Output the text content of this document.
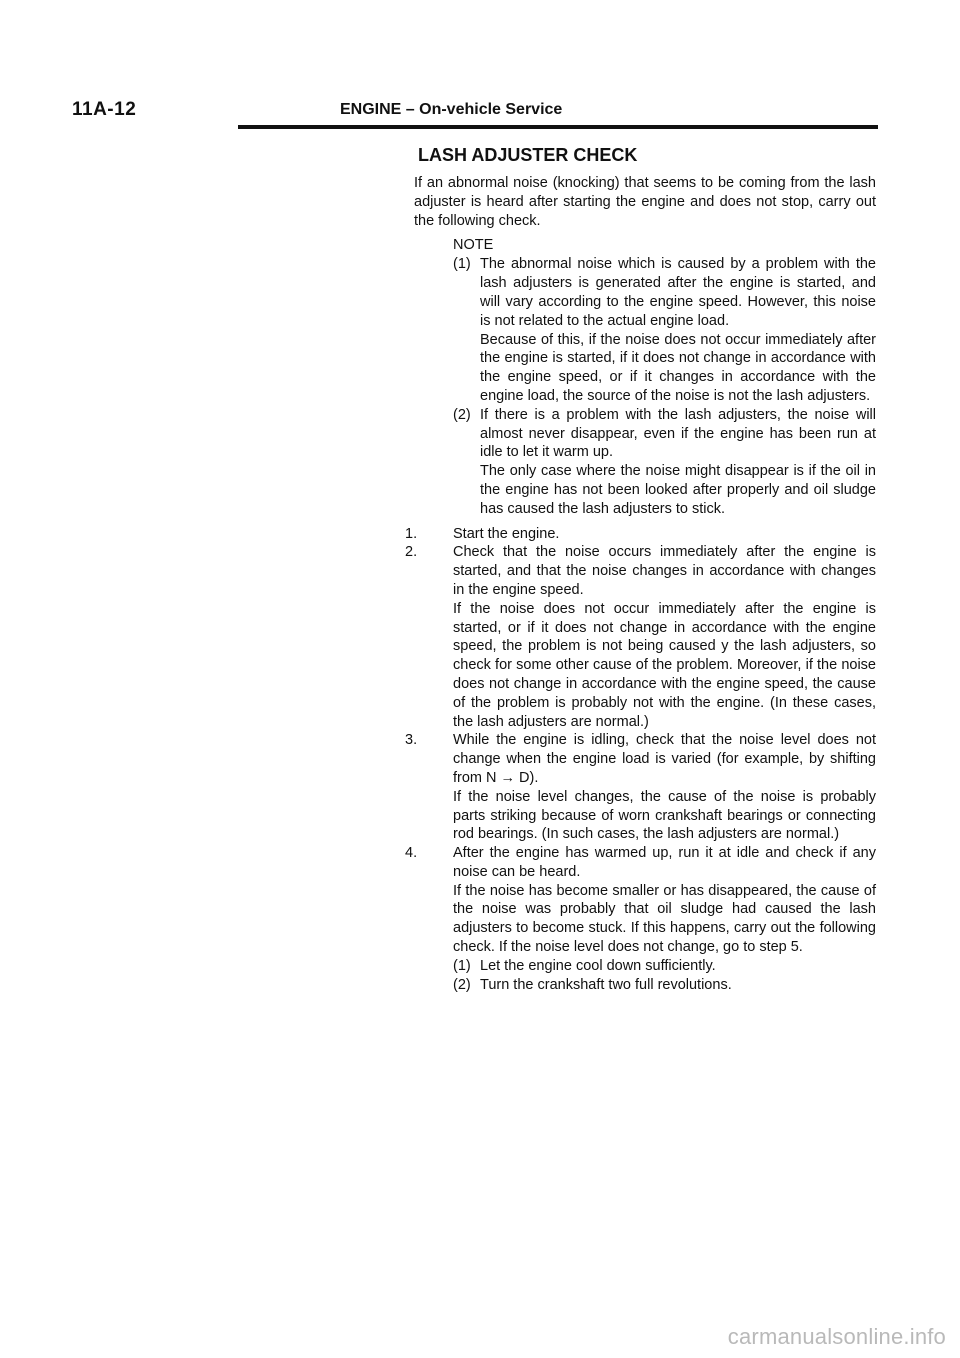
11A-12	ENGINE – On-vehicle Service
LASH ADJUSTER CHECK

If an abnormal noise (knocking) that seems to be coming from the lash adjuster is heard after starting the engine and does not stop, carry out the following check.

NOTE
(1) The abnormal noise which is caused by a problem with the lash adjusters is generated after the engine is started, and will vary according to the engine speed. However, this noise is not related to the actual engine load.

Because of this, if the noise does not occur immediately after the engine is started, if it does not change in accordance with the engine speed, or if it changes in accordance with the engine load, the source of the noise is not the lash adjusters.

(2) If there is a problem with the lash adjusters, the noise will almost never disappear, even if the engine has been run at idle to let it warm up.

The only case where the noise might disappear is if the oil in the engine has not been looked after properly and oil sludge has caused the lash adjusters to stick.

1.	Start the engine.

2.	Check that the noise occurs immediately after the engine is started, and that the noise changes in accordance with changes in the engine speed.

If the noise does not occur immediately after the engine is started, or if it does not change in accordance with the engine speed, the problem is not being caused y the lash adjusters, so check for some other cause of the problem. Moreover, if the noise does not change in accordance with the engine speed, the cause of the problem is probably not with the engine. (In these cases, the lash adjusters are normal.)

3.	While the engine is idling, check that the noise level does not change when the engine load is varied (for example, by shifting from N → D).

If the noise level changes, the cause of the noise is probably parts striking because of worn crankshaft bearings or connecting rod bearings. (In such cases, the lash adjusters are normal.)

4.	After the engine has warmed up, run it at idle and check if any noise can be heard.

If the noise has become smaller or has disappeared, the cause of the noise was probably that oil sludge had caused the lash adjusters to become stuck. If this happens, carry out the following check. If the noise level does not change, go to step 5.

(1) Let the engine cool down sufficiently.
(2) Turn the crankshaft two full revolutions.
carmanualsonline.info
